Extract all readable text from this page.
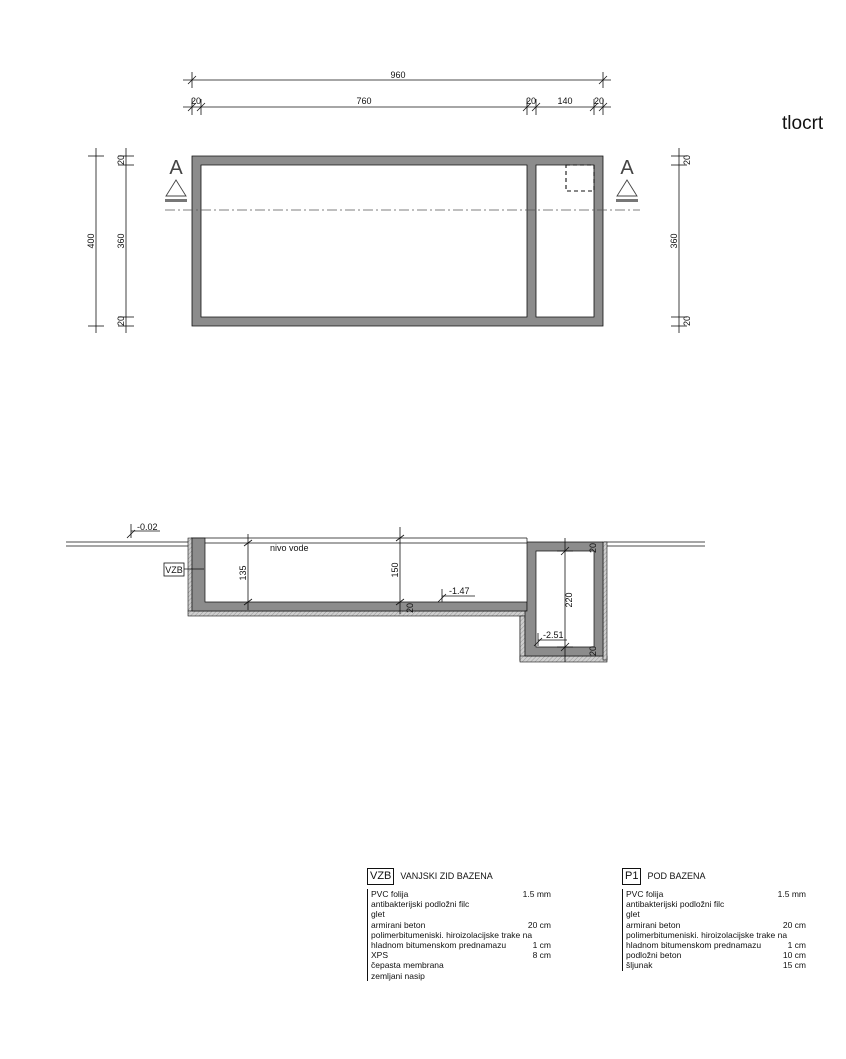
960
20	760	20 140 20
400
20
360
20
20
360
20
A	A
135	150
20
nivo vode
-0.02
-1.47
220
20
20
-2.51
VZB
tlocrt
VZB	VANJSKI ZID BAZENA
PVC folija	1.5 mm
antibakterijski podložni filc
glet
armirani beton	20 cm
polimerbitumeniski. hiroizolacijske trake na
hladnom bitumenskom prednamazu	1 cm
XPS	8 cm
čepasta membrana
zemljani nasip
P1	POD BAZENA
PVC folija	1.5 mm
antibakterijski podložni filc
glet
armirani beton	20 cm
polimerbitumeniski. hiroizolacijske trake na
hladnom bitumenskom prednamazu	1 cm
podložni beton	10 cm
šljunak	15 cm
